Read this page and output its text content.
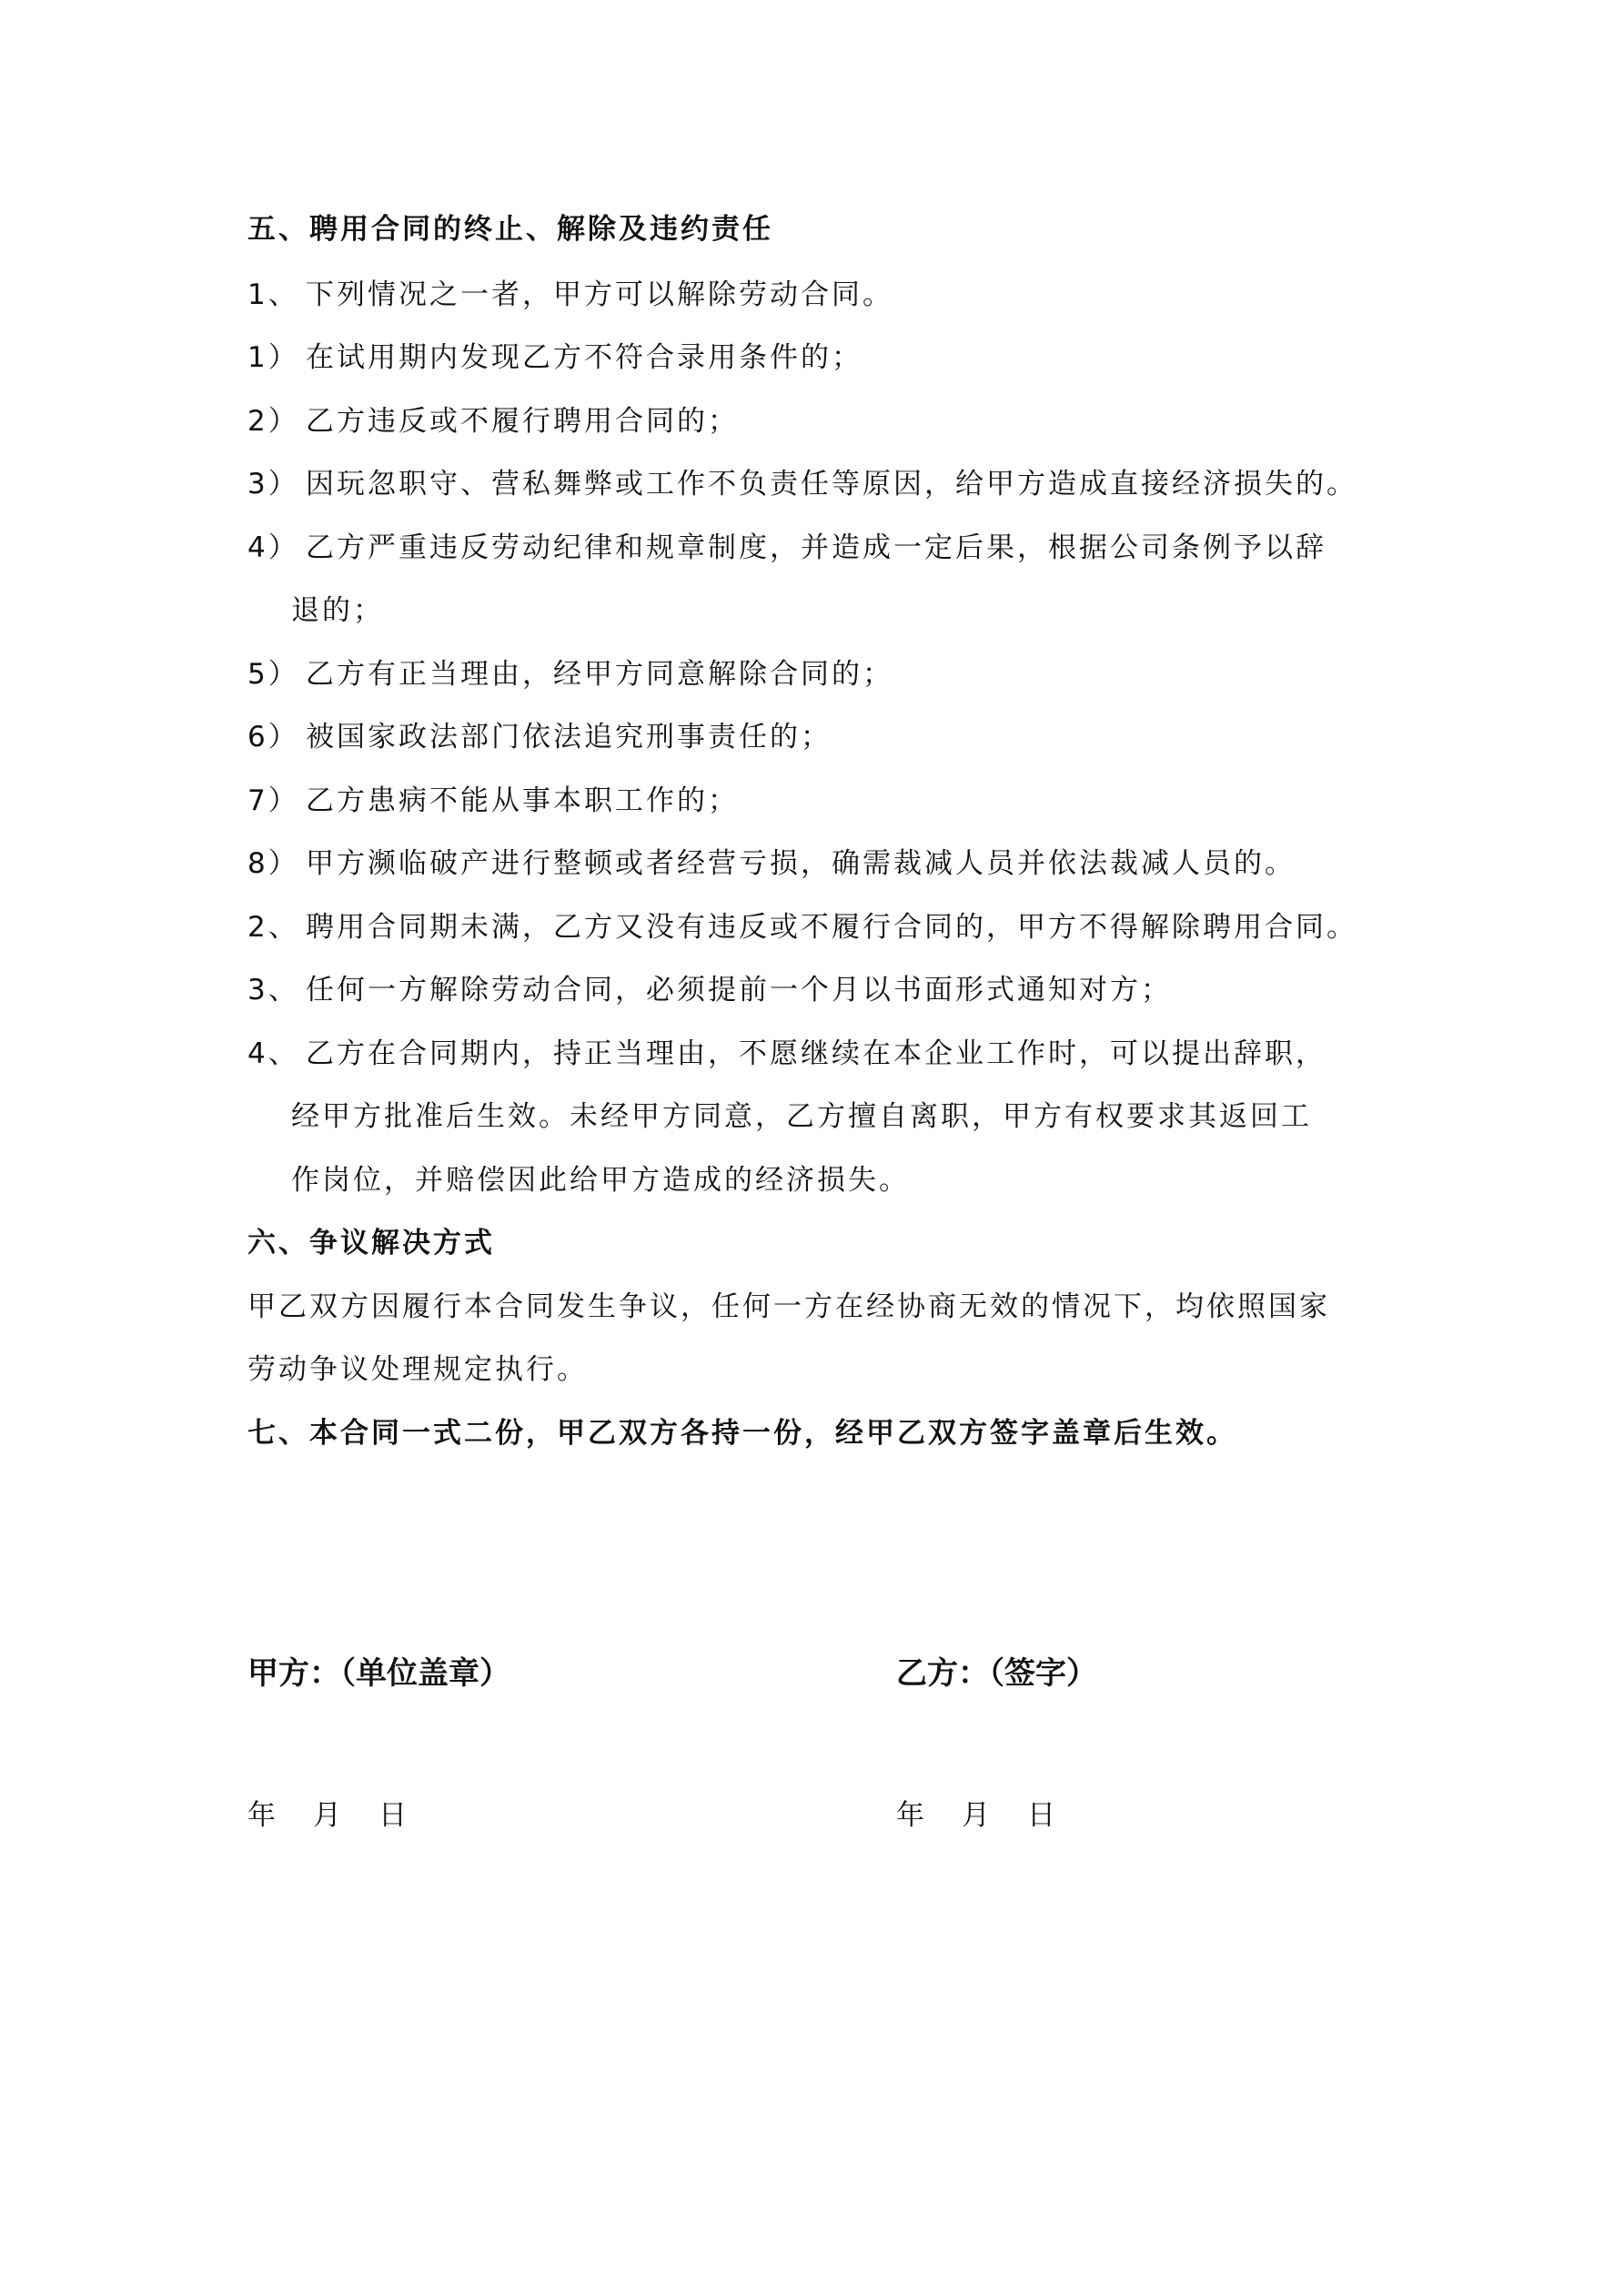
五、聘用合同的终止、解除及违约责任
1、 下列情况之一者，甲方可以解除劳动合同。
1） 在试用期内发现乙方不符合录用条件的；
2） 乙方违反或不履行聘用合同的；
3） 因玩忽职守、营私舞弊或工作不负责任等原因，给甲方造成直接经济损失的。
4） 乙方严重违反劳动纪律和规章制度，并造成一定后果，根据公司条例予以辞
退的；
5） 乙方有正当理由，经甲方同意解除合同的；
6） 被国家政法部门依法追究刑事责任的；
7） 乙方患病不能从事本职工作的；
8） 甲方濒临破产进行整顿或者经营亏损，确需裁减人员并依法裁减人员的。
2、 聘用合同期未满，乙方又没有违反或不履行合同的，甲方不得解除聘用合同。
3、 任何一方解除劳动合同，必须提前一个月以书面形式通知对方；
4、 乙方在合同期内，持正当理由，不愿继续在本企业工作时，可以提出辞职，
经甲方批准后生效。未经甲方同意，乙方擅自离职，甲方有权要求其返回工
作岗位，并赔偿因此给甲方造成的经济损失。
六、争议解决方式
甲乙双方因履行本合同发生争议，任何一方在经协商无效的情况下，均依照国家
劳动争议处理规定执行。
七、本合同一式二份，甲乙双方各持一份，经甲乙双方签字盖章后生效。
甲方：（单位盖章）	乙方：（签字）
年 月 日	年 月 日
